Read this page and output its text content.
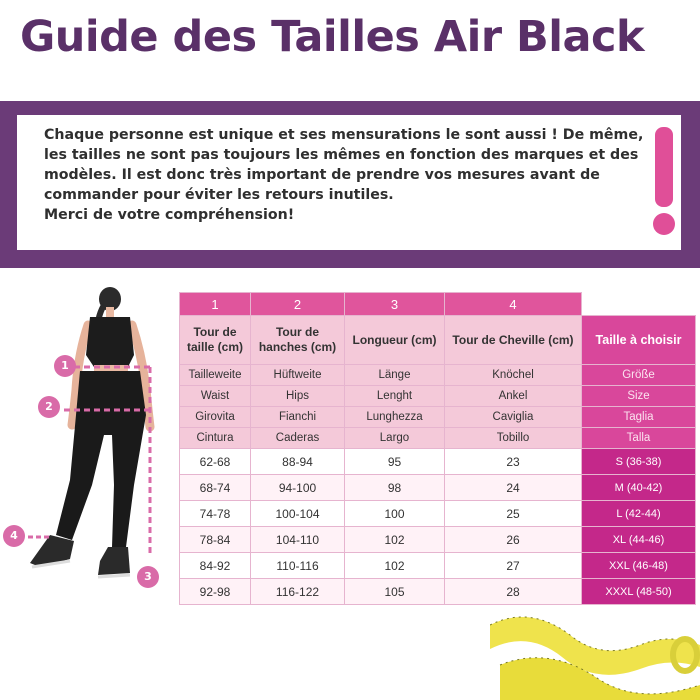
Guide des Tailles Air Black

Chaque personne est unique et ses mensurations le sont aussi ! De même,

les tailles ne sont pas toujours les mêmes en fonction des marques et des

modèles. Il est donc très important de prendre vos mesures avant de

commander pour éviter les retours inutiles.

Merci de votre compréhension!

1
2
3
4
1	2	3	4	
Tour de taille (cm)	Tour de hanches (cm)	Longueur (cm)	Tour de Cheville (cm)	Taille à choisir
Tailleweite	Hüftweite	Länge	Knöchel	Größe
Waist	Hips	Lenght	Ankel	Size
Girovita	Fianchi	Lunghezza	Caviglia	Taglia
Cintura	Caderas	Largo	Tobillo	Talla
62-68	88-94	95	23	S (36-38)
68-74	94-100	98	24	M (40-42)
74-78	100-104	100	25	L (42-44)
78-84	104-110	102	26	XL (44-46)
84-92	110-116	102	27	XXL (46-48)
92-98	116-122	105	28	XXXL (48-50)
